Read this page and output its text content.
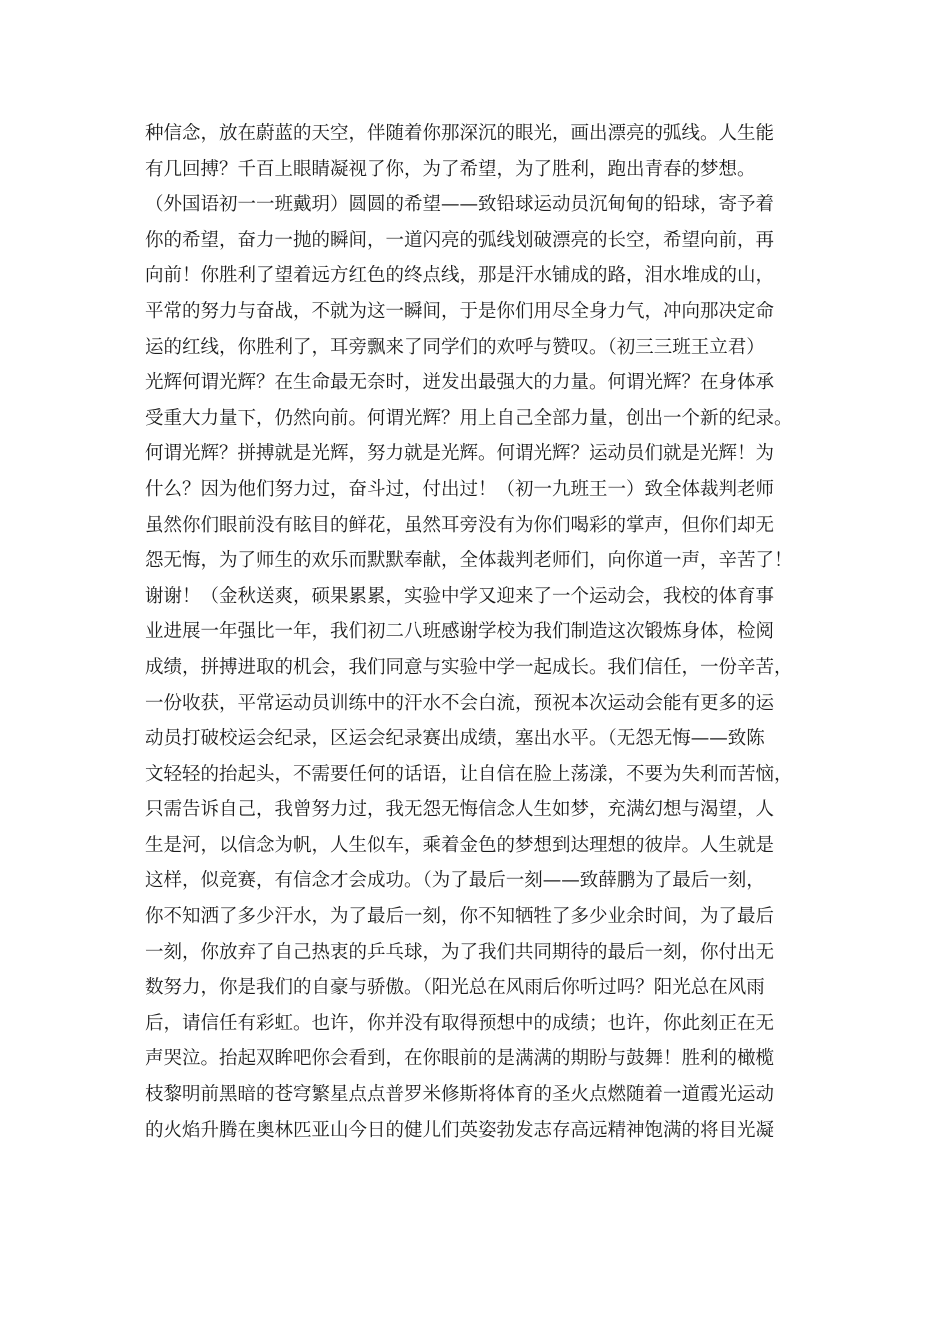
种信念，放在蔚蓝的天空，伴随着你那深沉的眼光，画出漂亮的弧线。人生能
有几回搏？千百上眼睛凝视了你，为了希望，为了胜利，跑出青春的梦想。
（外国语初一一班戴玥）圆圆的希望——致铅球运动员沉甸甸的铅球，寄予着
你的希望，奋力一抛的瞬间，一道闪亮的弧线划破漂亮的长空，希望向前，再
向前！你胜利了望着远方红色的终点线，那是汗水铺成的路，泪水堆成的山，
平常的努力与奋战，不就为这一瞬间，于是你们用尽全身力气，冲向那决定命
运的红线，你胜利了，耳旁飘来了同学们的欢呼与赞叹。（初三三班王立君）
光辉何谓光辉？在生命最无奈时，迸发出最强大的力量。何谓光辉？在身体承
受重大力量下，仍然向前。何谓光辉？用上自己全部力量，创出一个新的纪录。
何谓光辉？拼搏就是光辉，努力就是光辉。何谓光辉？运动员们就是光辉！为
什么？因为他们努力过，奋斗过，付出过！（初一九班王一）致全体裁判老师
虽然你们眼前没有眩目的鲜花，虽然耳旁没有为你们喝彩的掌声，但你们却无
怨无悔，为了师生的欢乐而默默奉献，全体裁判老师们，向你道一声，辛苦了！
谢谢！（金秋送爽，硕果累累，实验中学又迎来了一个运动会，我校的体育事
业进展一年强比一年，我们初二八班感谢学校为我们制造这次锻炼身体，检阅
成绩，拼搏进取的机会，我们同意与实验中学一起成长。我们信任，一份辛苦，
一份收获，平常运动员训练中的汗水不会白流，预祝本次运动会能有更多的运
动员打破校运会纪录，区运会纪录赛出成绩，塞出水平。（无怨无悔——致陈
文轻轻的抬起头，不需要任何的话语，让自信在脸上荡漾，不要为失利而苦恼，
只需告诉自己，我曾努力过，我无怨无悔信念人生如梦，充满幻想与渴望，人
生是河，以信念为帆，人生似车，乘着金色的梦想到达理想的彼岸。人生就是
这样，似竞赛，有信念才会成功。（为了最后一刻——致薛鹏为了最后一刻，
你不知洒了多少汗水，为了最后一刻，你不知牺牲了多少业余时间，为了最后
一刻，你放弃了自己热衷的乒乓球，为了我们共同期待的最后一刻，你付出无
数努力，你是我们的自豪与骄傲。（阳光总在风雨后你听过吗？阳光总在风雨
后，请信任有彩虹。也许，你并没有取得预想中的成绩；也许，你此刻正在无
声哭泣。抬起双眸吧你会看到，在你眼前的是满满的期盼与鼓舞！胜利的橄榄
枝黎明前黑暗的苍穹繁星点点普罗米修斯将体育的圣火点燃随着一道霞光运动
的火焰升腾在奥林匹亚山今日的健儿们英姿勃发志存高远精神饱满的将目光凝
